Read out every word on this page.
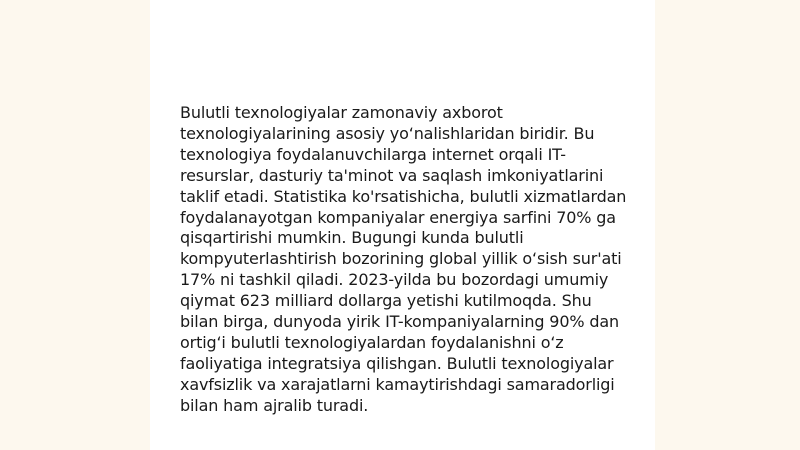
Bulutli texnologiyalar zamonaviy axborot texnologiyalarining asosiy yo‘nalishlaridan biridir. Bu texnologiya foydalanuvchilarga internet orqali IT-resurslar, dasturiy ta'minot va saqlash imkoniyatlarini taklif etadi. Statistika ko'rsatishicha, bulutli xizmatlardan foydalanayotgan kompaniyalar energiya sarfini 70% ga qisqartirishi mumkin. Bugungi kunda bulutli kompyuterlashtirish bozorining global yillik o‘sish sur'ati 17% ni tashkil qiladi. 2023-yilda bu bozordagi umumiy qiymat 623 milliard dollarga yetishi kutilmoqda. Shu bilan birga, dunyoda yirik IT-kompaniyalarning 90% dan ortig‘i bulutli texnologiyalardan foydalanishni o‘z faoliyatiga integratsiya qilishgan. Bulutli texnologiyalar xavfsizlik va xarajatlarni kamaytirishdagi samaradorligi bilan ham ajralib turadi.
